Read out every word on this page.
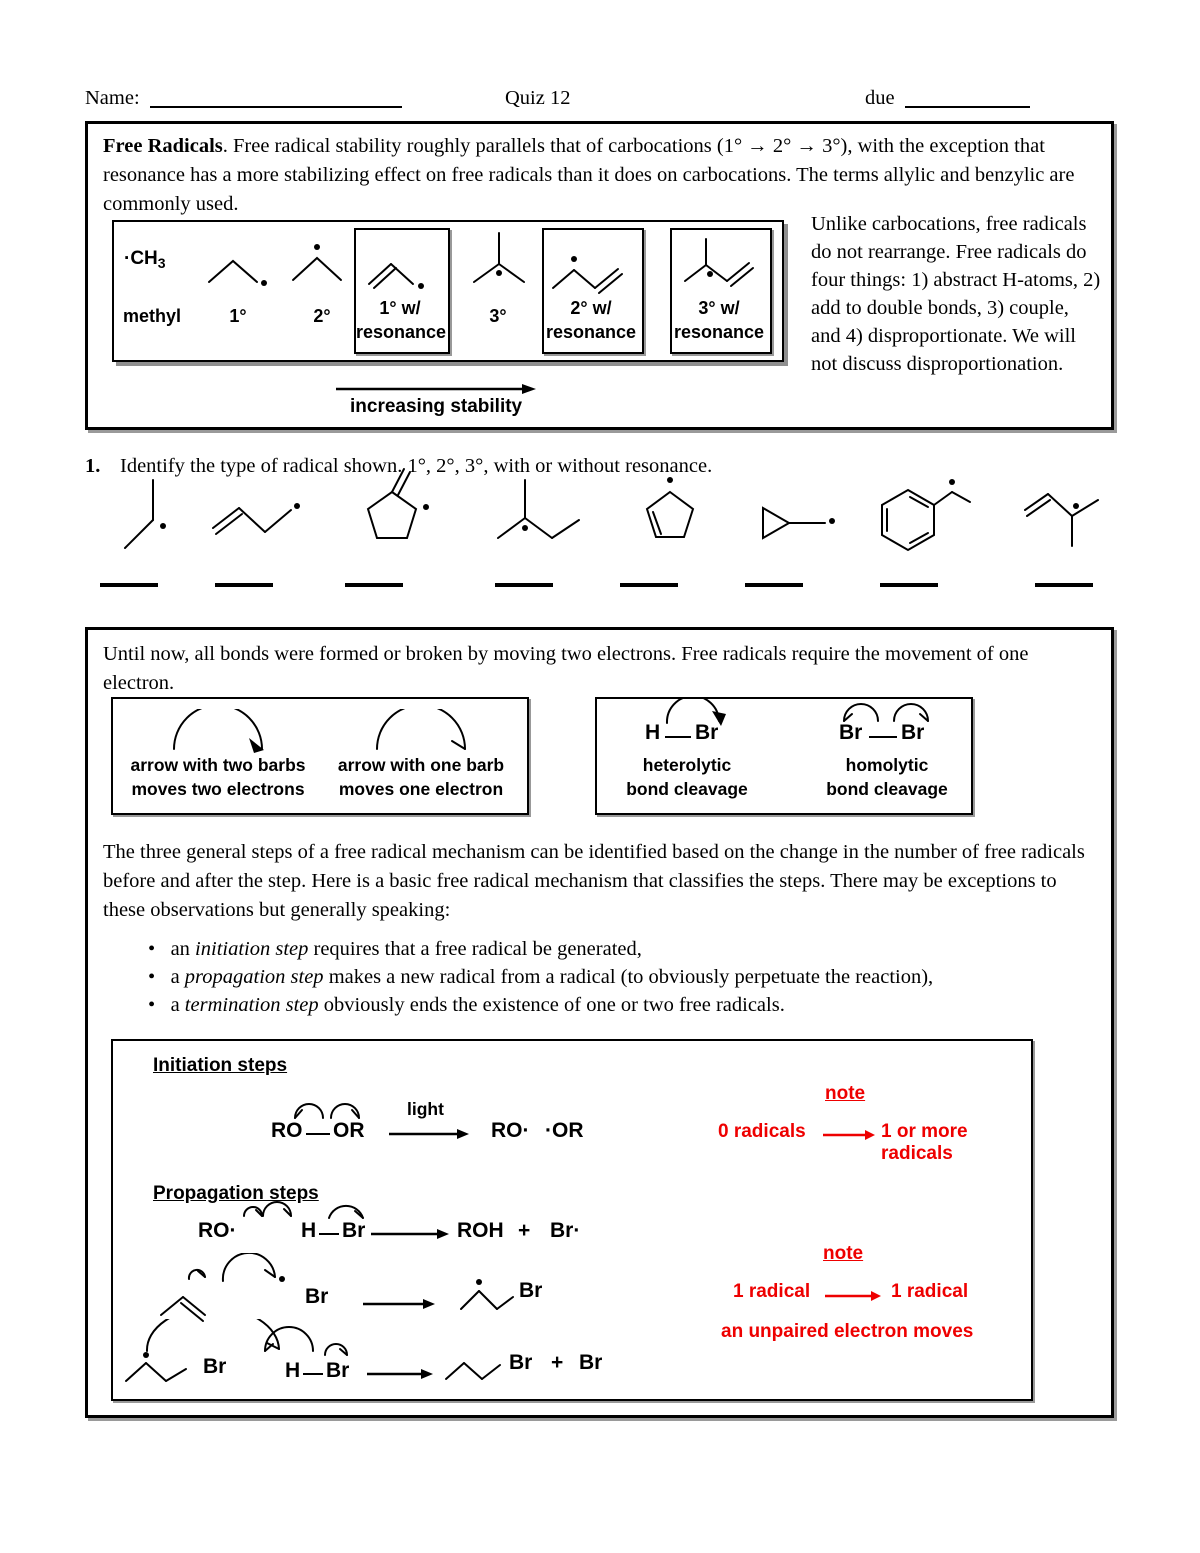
Name:	Quiz 12	due
Free Radicals. Free radical stability roughly parallels that of carbocations (1° → 2° → 3°), with the exception that resonance has a more stabilizing effect on free radicals than it does on carbocations. The terms allylic and benzylic are commonly used.
$\cdot CH_3$
methyl	1°	2°	1° w/
resonance
3°	2° w/
resonance
3° w/
resonance
increasing stability
Unlike carbocations, free radicals do not rearrange. Free radicals do four things: 1) abstract H-atoms, 2) add to double bonds, 3) couple, and 4) disproportionate. We will not discuss disproportionation.
1. Identify the type of radical shown. 1°, 2°, 3°, with or without resonance.
Until now, all bonds were formed or broken by moving two electrons. Free radicals require the movement of one electron.
arrow with two barbs
moves two electrons
arrow with one barb
moves one electron
H Br
heterolytic
bond cleavage
Br Br
homolytic
bond cleavage
The three general steps of a free radical mechanism can be identified based on the change in the number of free radicals before and after the step. Here is a basic free radical mechanism that classifies the steps. There may be exceptions to these observations but generally speaking:
•   an initiation step requires that a free radical be generated,
•   a propagation step makes a new radical from a radical (to obviously perpetuate the reaction),
•   a termination step obviously ends the existence of one or two free radicals.
Initiation steps
RO OR
light
RO· ·OR
note
0 radicals	1 or more radicals
Propagation steps
RO·	H Br	ROH + Br·
note
1 radical	1 radical
an unpaired electron moves
Br	Br
Br	H Br	Br + Br
